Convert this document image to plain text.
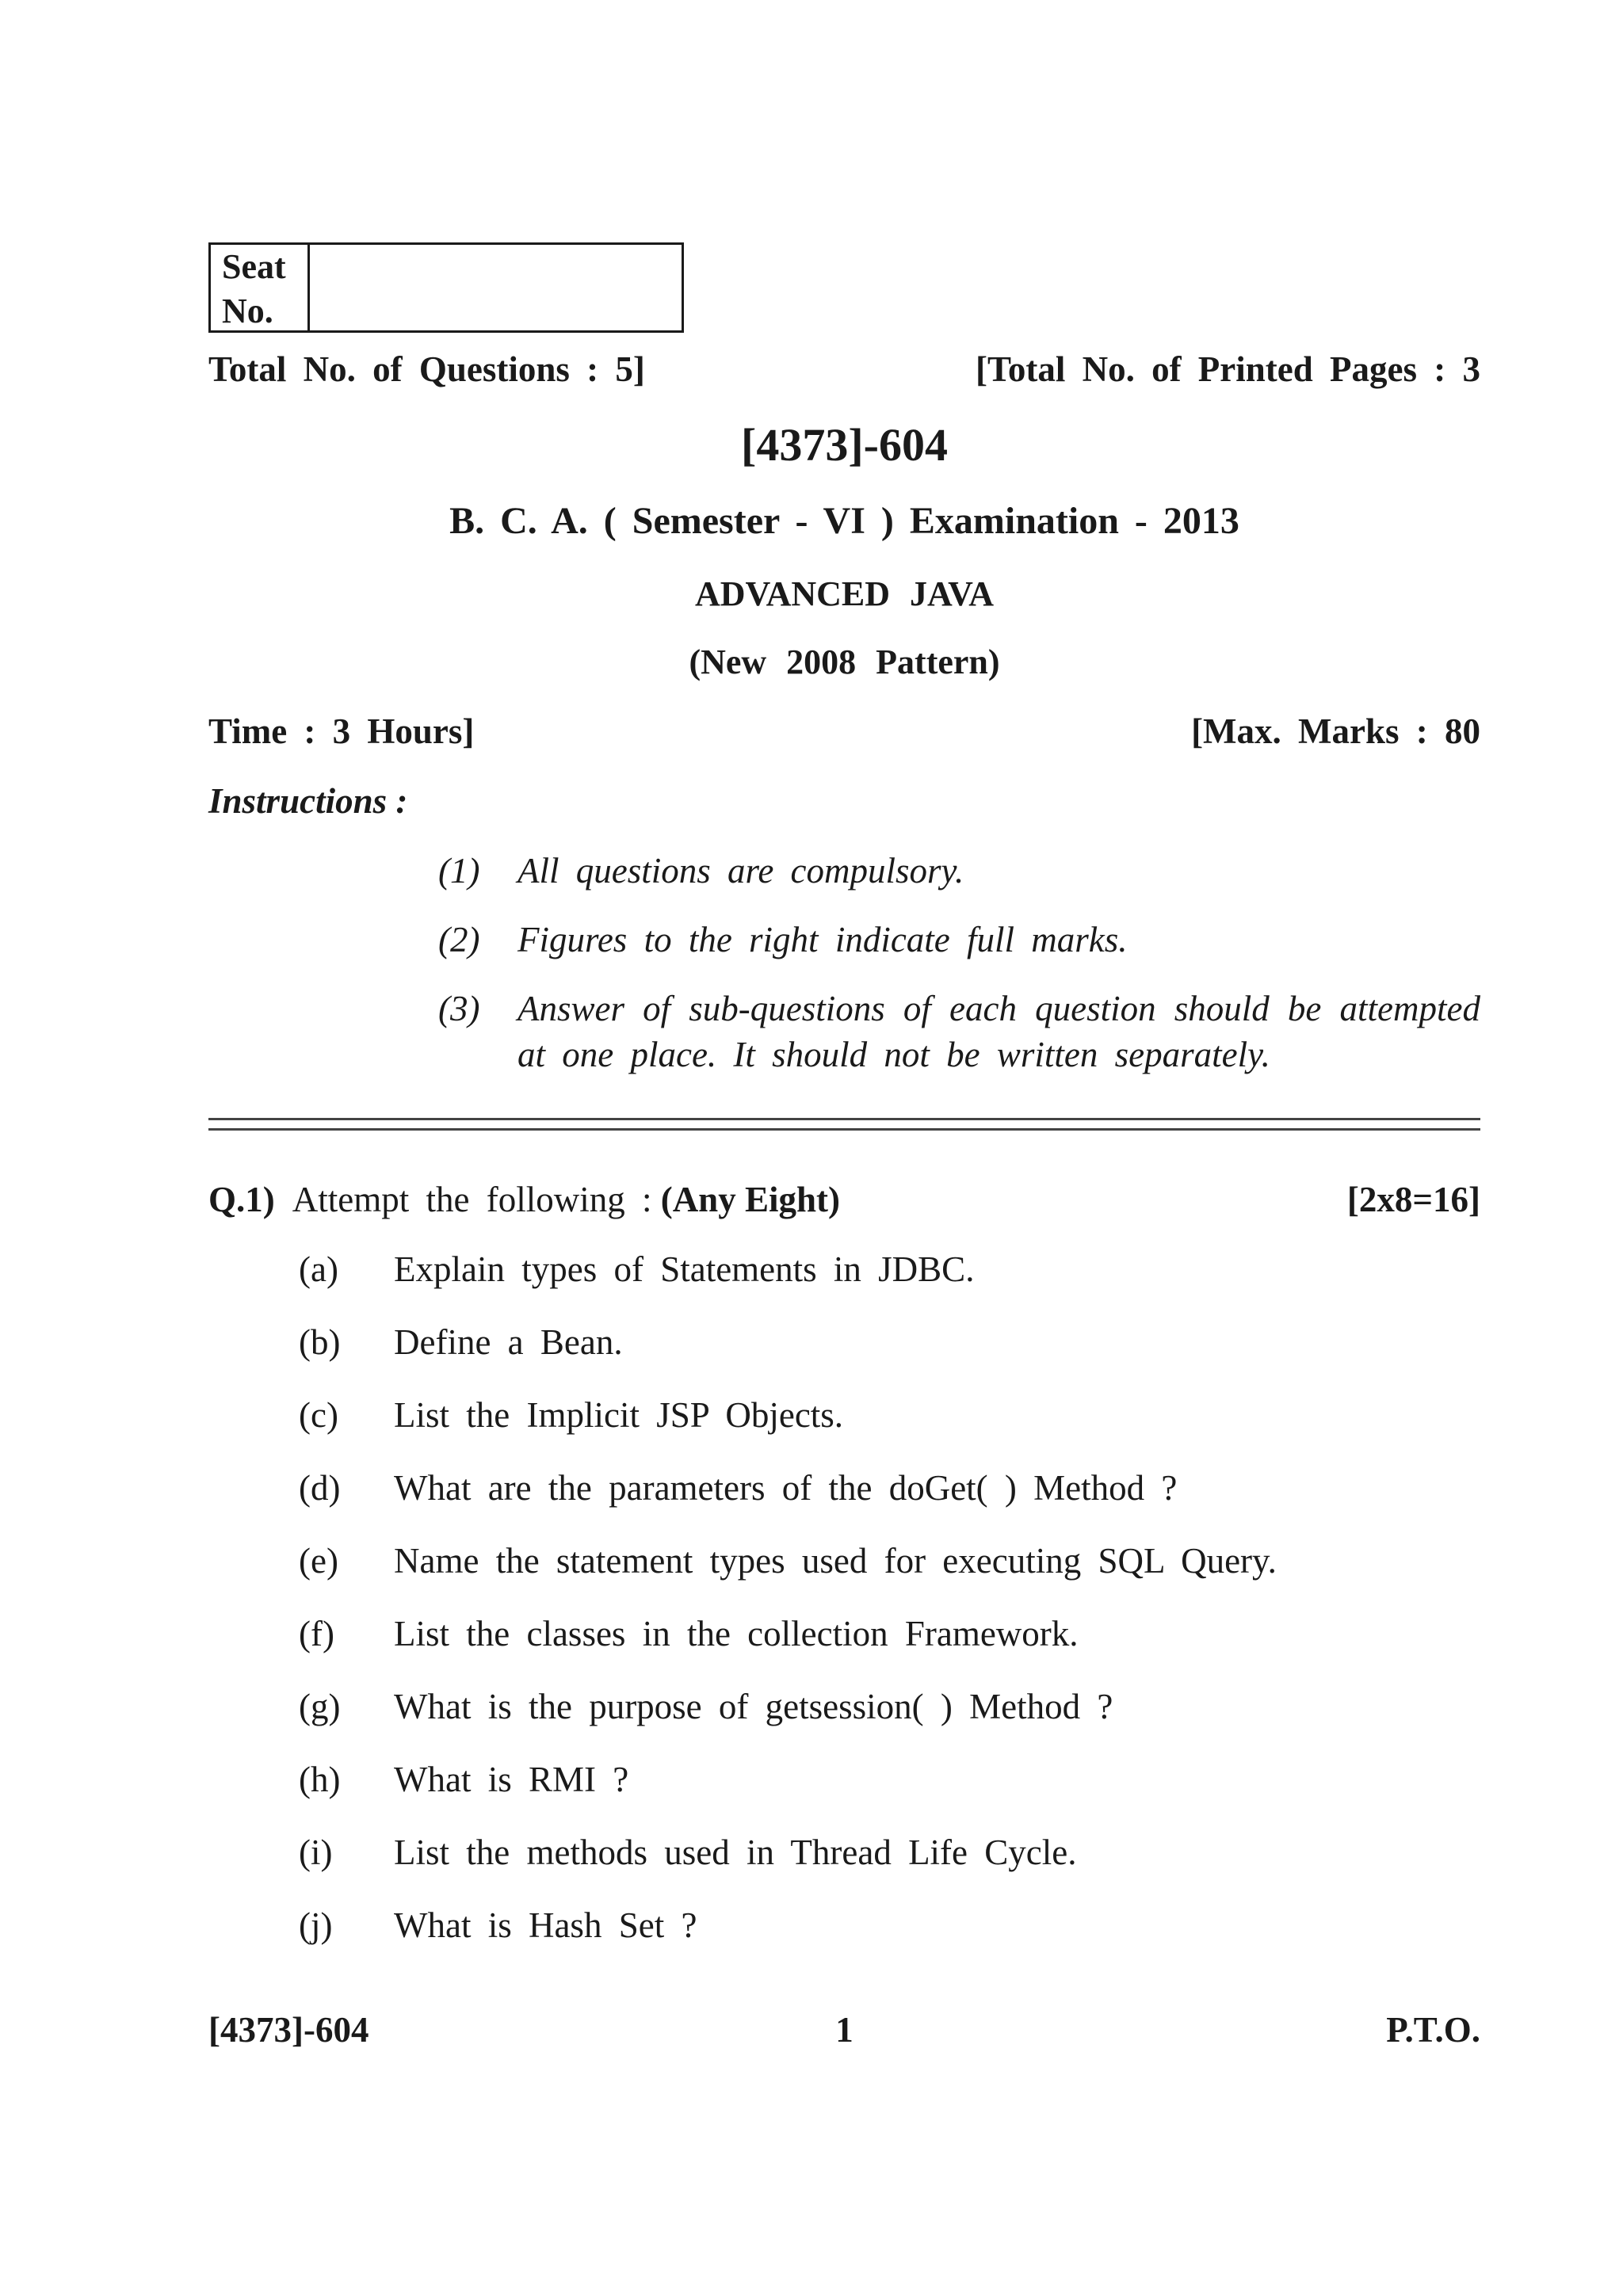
Seat
No.
Total No. of Questions : 5]	[Total No. of Printed Pages : 3
[4373]-604
B. C. A. ( Semester - VI ) Examination - 2013
ADVANCED JAVA
(New 2008 Pattern)
Time : 3 Hours]	[Max. Marks : 80
Instructions :
(1)	All questions are compulsory.
(2)	Figures to the right indicate full marks.
(3)	Answer of sub-questions of each question should be attempted at one place. It should not be written separately.
Q.1) Attempt the following : (Any Eight)	[2x8=16]
(a)	Explain types of Statements in JDBC.
(b)	Define a Bean.
(c)	List the Implicit JSP Objects.
(d)	What are the parameters of the doGet( ) Method ?
(e)	Name the statement types used for executing SQL Query.
(f)	List the classes in the collection Framework.
(g)	What is the purpose of getsession( ) Method ?
(h)	What is RMI ?
(i)	List the methods used in Thread Life Cycle.
(j)	What is Hash Set ?
[4373]-604	1	P.T.O.
